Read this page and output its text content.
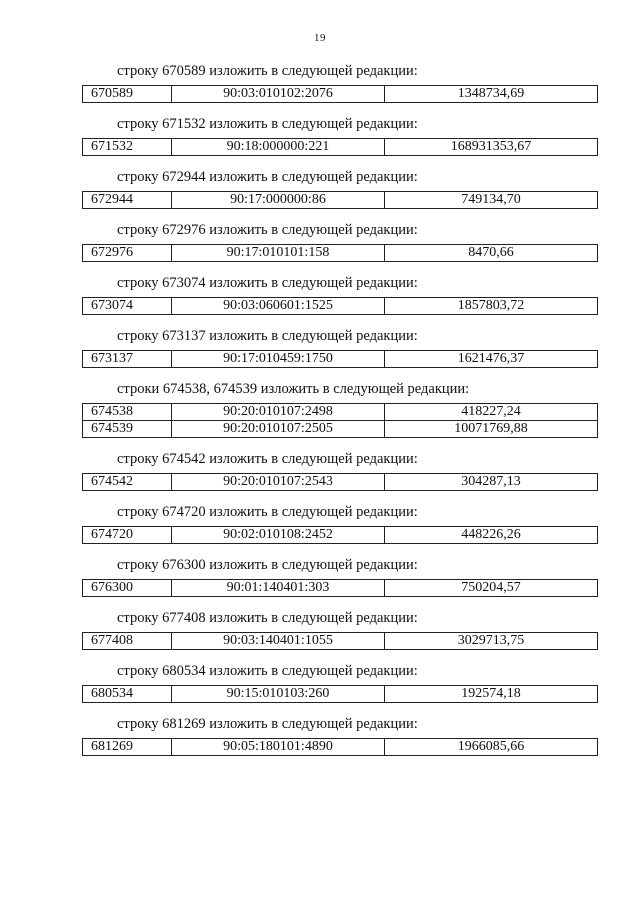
19
строку 670589 изложить в следующей редакции:
670589	90:03:010102:2076	1348734,69
строку 671532 изложить в следующей редакции:
671532	90:18:000000:221	168931353,67
строку 672944 изложить в следующей редакции:
672944	90:17:000000:86	749134,70
строку 672976 изложить в следующей редакции:
672976	90:17:010101:158	8470,66
строку 673074 изложить в следующей редакции:
673074	90:03:060601:1525	1857803,72
строку 673137 изложить в следующей редакции:
673137	90:17:010459:1750	1621476,37
строки 674538, 674539 изложить в следующей редакции:
674538	90:20:010107:2498	418227,24
674539	90:20:010107:2505	10071769,88
строку 674542 изложить в следующей редакции:
674542	90:20:010107:2543	304287,13
строку 674720 изложить в следующей редакции:
674720	90:02:010108:2452	448226,26
строку 676300 изложить в следующей редакции:
676300	90:01:140401:303	750204,57
строку 677408 изложить в следующей редакции:
677408	90:03:140401:1055	3029713,75
строку 680534 изложить в следующей редакции:
680534	90:15:010103:260	192574,18
строку 681269 изложить в следующей редакции:
681269	90:05:180101:4890	1966085,66
